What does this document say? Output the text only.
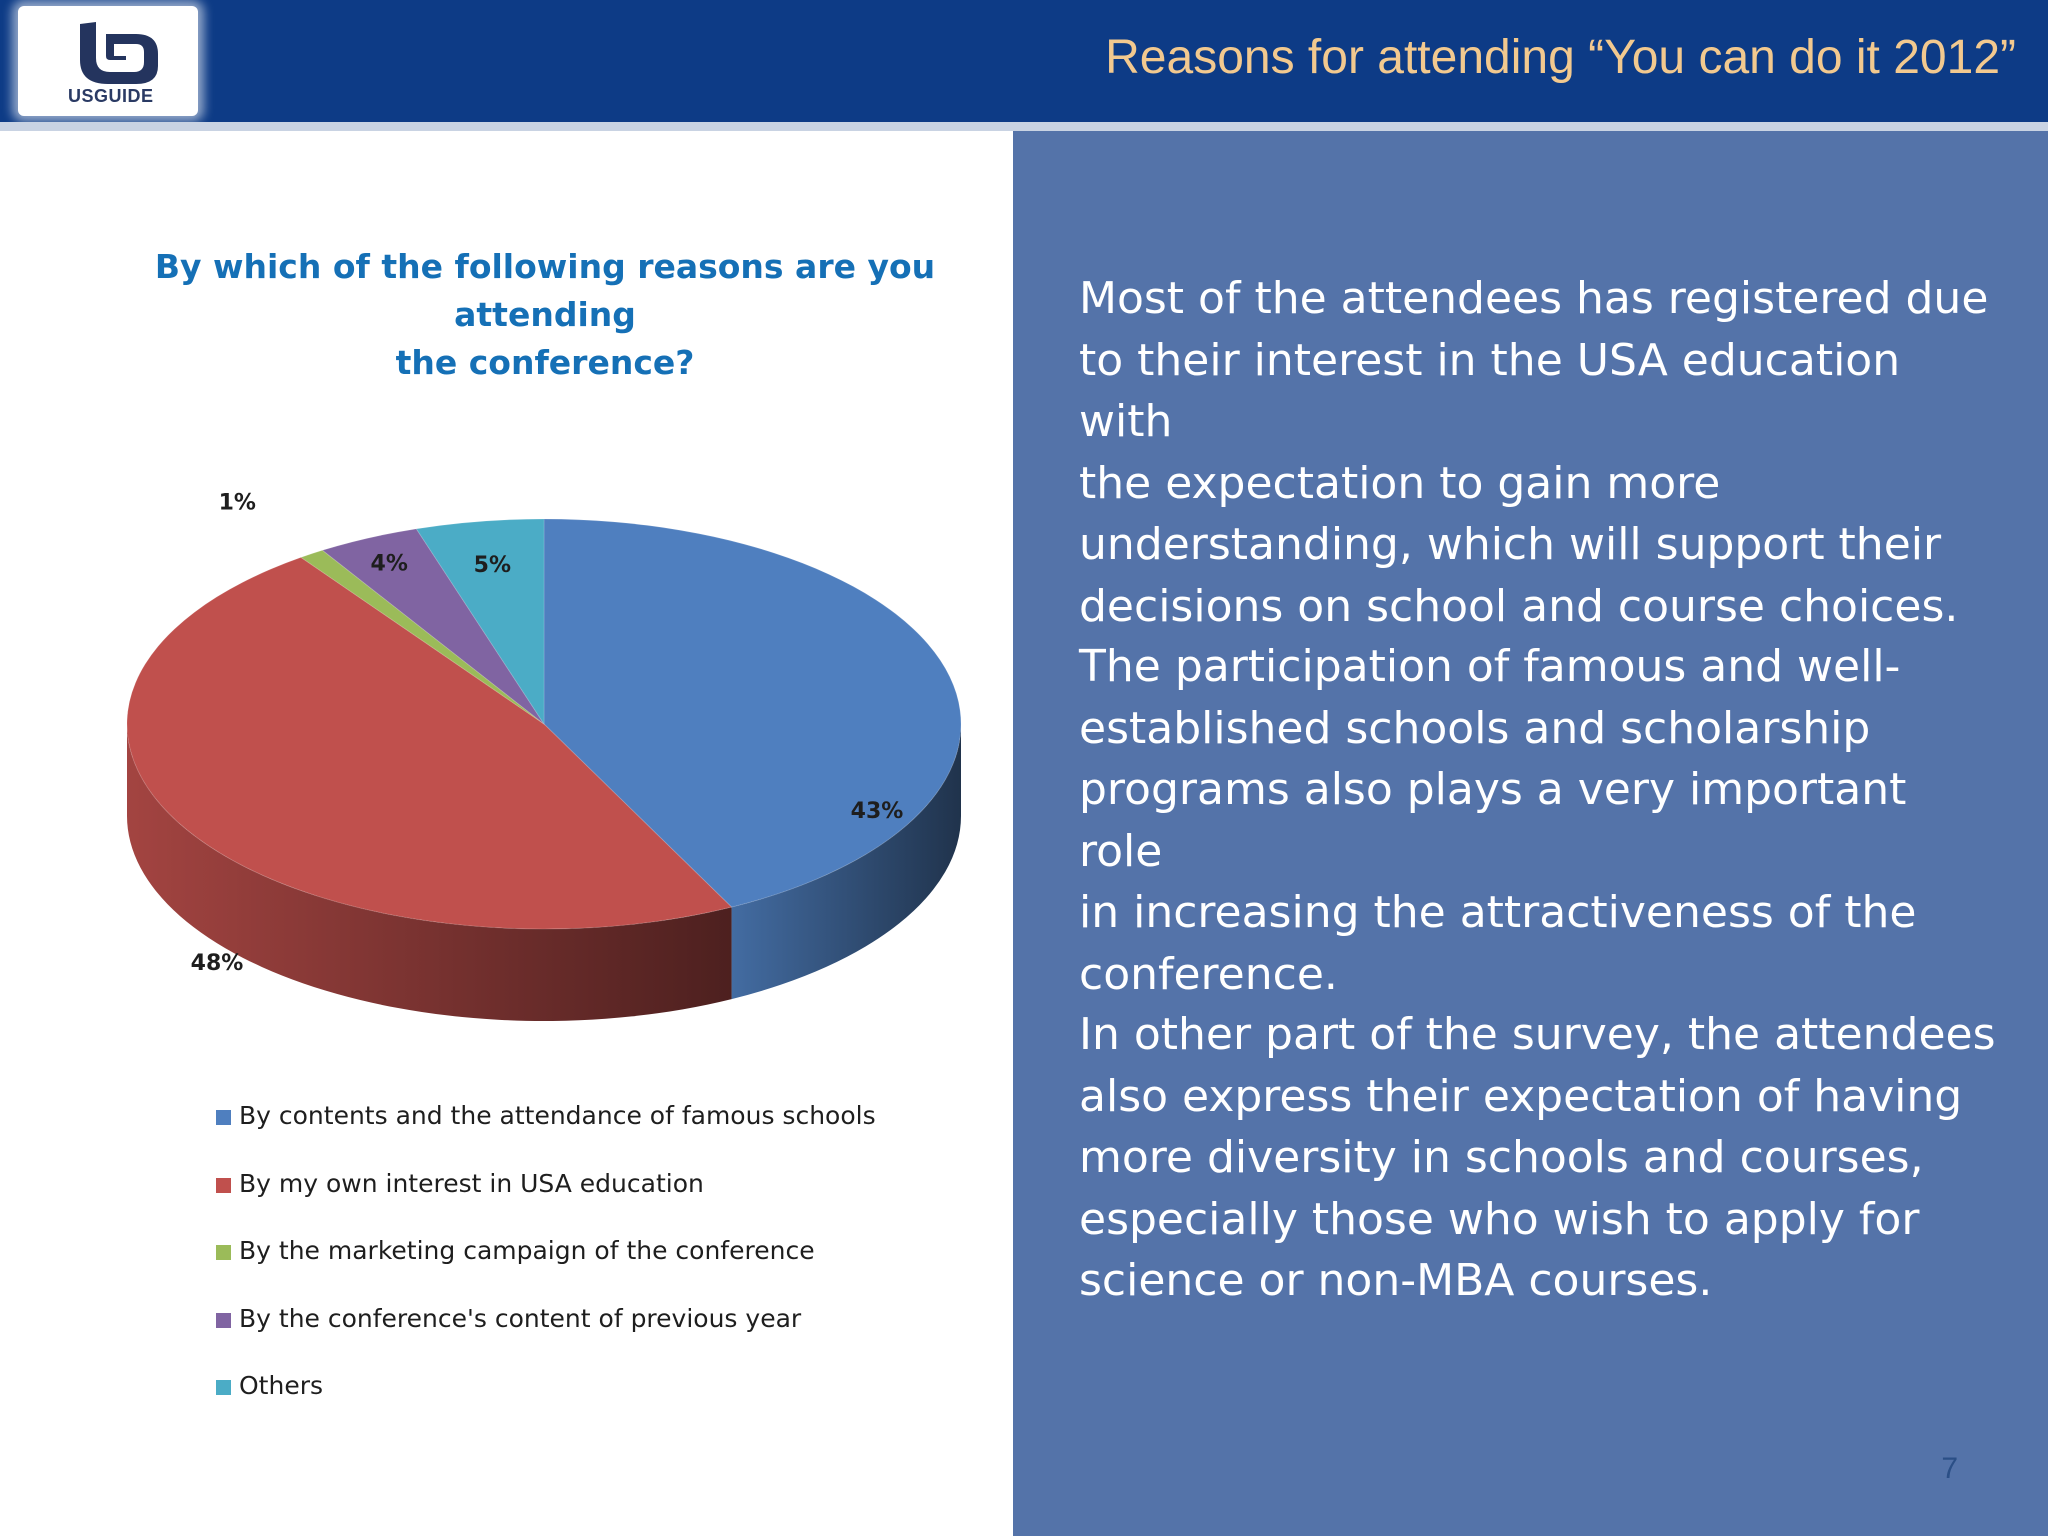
USGUIDE
Reasons for attending “You can do it 2012”
By which of the following reasons are you attending
the conference?
43%
48%
1%
4%	5%
By contents and the attendance of famous schools
By my own interest in USA education
By the marketing campaign of the conference
By the conference's content of previous year
Others

Most of the attendees has registered due
to their interest in the USA education with
the expectation to gain more
understanding, which will support their
decisions on school and course choices.

The participation of famous and well-
established schools and scholarship
programs also plays a very important role
in increasing the attractiveness of the
conference.

In other part of the survey, the attendees
also express their expectation of having
more diversity in schools and courses,
especially those who wish to apply for
science or non-MBA courses.

7
